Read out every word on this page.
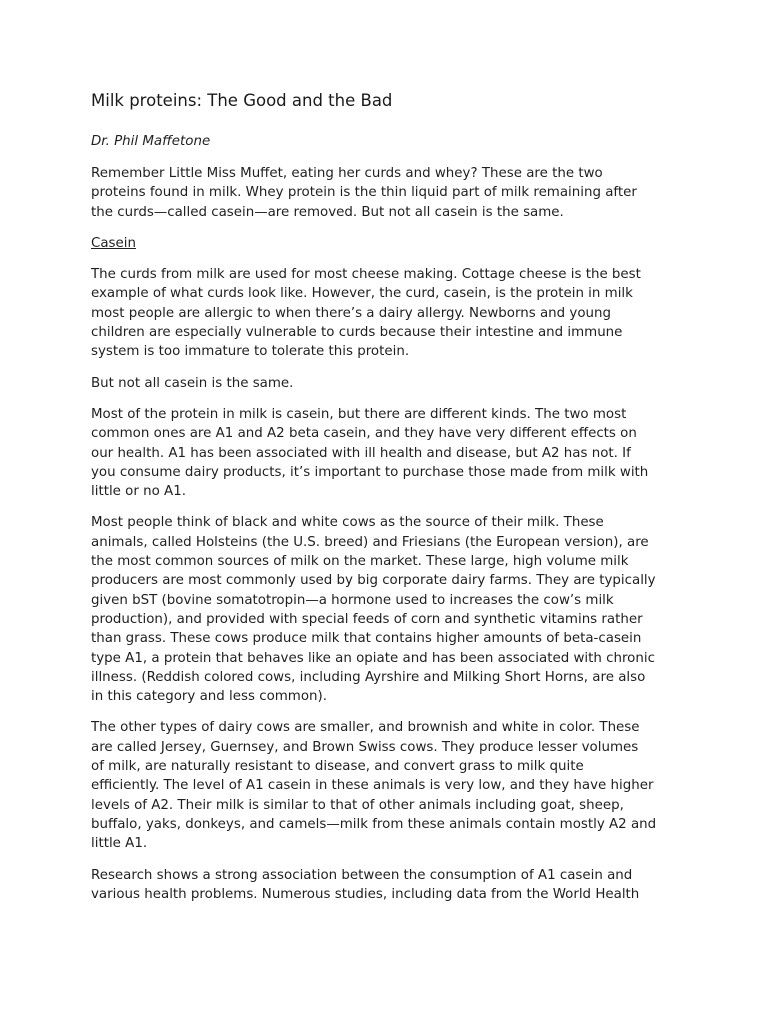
Milk proteins: The Good and the Bad
Dr. Phil Maffetone
Remember Little Miss Muffet, eating her curds and whey? These are the two
proteins found in milk. Whey protein is the thin liquid part of milk remaining after
the curds—called casein—are removed. But not all casein is the same.
Casein
The curds from milk are used for most cheese making. Cottage cheese is the best
example of what curds look like. However, the curd, casein, is the protein in milk
most people are allergic to when there’s a dairy allergy. Newborns and young
children are especially vulnerable to curds because their intestine and immune
system is too immature to tolerate this protein.
But not all casein is the same.
Most of the protein in milk is casein, but there are different kinds. The two most
common ones are A1 and A2 beta casein, and they have very different effects on
our health. A1 has been associated with ill health and disease, but A2 has not. If
you consume dairy products, it’s important to purchase those made from milk with
little or no A1.
Most people think of black and white cows as the source of their milk. These
animals, called Holsteins (the U.S. breed) and Friesians (the European version), are
the most common sources of milk on the market. These large, high volume milk
producers are most commonly used by big corporate dairy farms. They are typically
given bST (bovine somatotropin—a hormone used to increases the cow’s milk
production), and provided with special feeds of corn and synthetic vitamins rather
than grass. These cows produce milk that contains higher amounts of beta-casein
type A1, a protein that behaves like an opiate and has been associated with chronic
illness. (Reddish colored cows, including Ayrshire and Milking Short Horns, are also
in this category and less common).
The other types of dairy cows are smaller, and brownish and white in color. These
are called Jersey, Guernsey, and Brown Swiss cows. They produce lesser volumes
of milk, are naturally resistant to disease, and convert grass to milk quite
efficiently. The level of A1 casein in these animals is very low, and they have higher
levels of A2. Their milk is similar to that of other animals including goat, sheep,
buffalo, yaks, donkeys, and camels—milk from these animals contain mostly A2 and
little A1.
Research shows a strong association between the consumption of A1 casein and
various health problems. Numerous studies, including data from the World Health
